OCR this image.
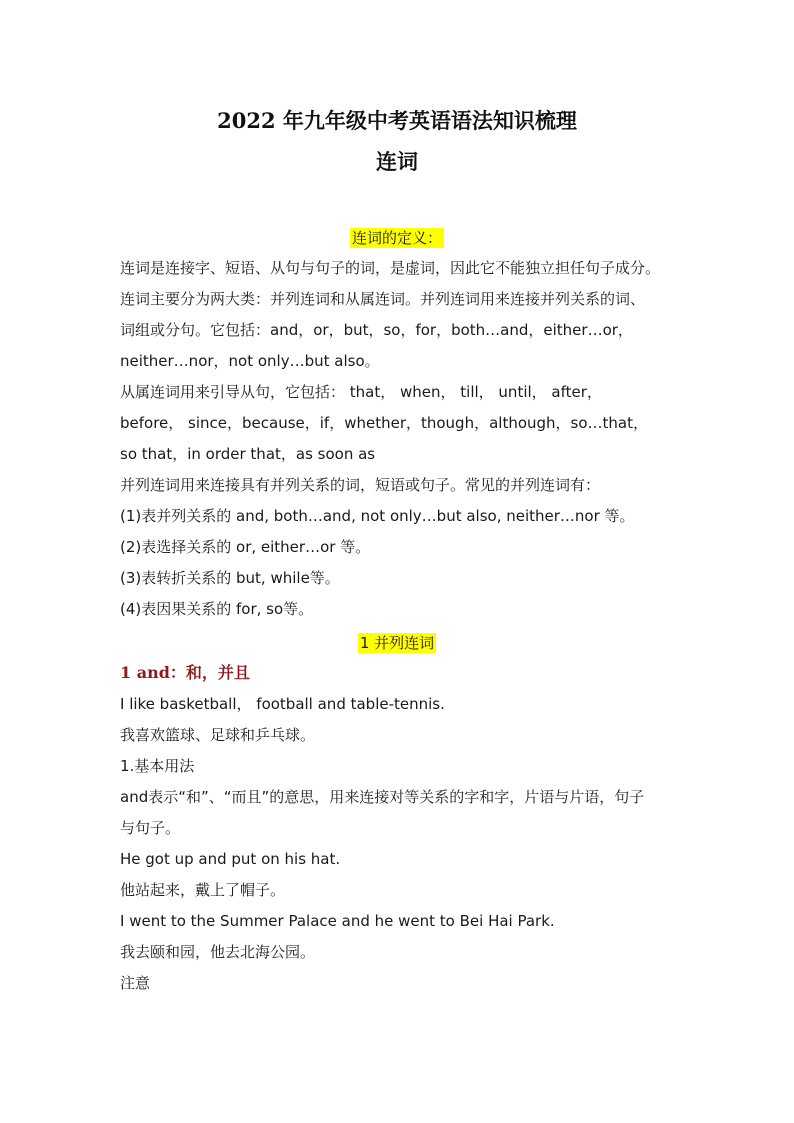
2022 年九年级中考英语语法知识梳理
连词
连词的定义：
连词是连接字、短语、从句与句子的词，是虚词，因此它不能独立担任句子成分。
连词主要分为两大类：并列连词和从属连词。并列连词用来连接并列关系的词、
词组或分句。它包括：and，or，but，so，for，both…and，either…or，
neither…nor，not only…but also。
从属连词用来引导从句，它包括： that， when， till， until， after，
before， since，because，if，whether，though，although，so…that，
so that，in order that，as soon as
并列连词用来连接具有并列关系的词，短语或句子。常见的并列连词有：
(1)表并列关系的 and, both…and, not only…but also, neither…nor 等。
(2)表选择关系的 or, either…or 等。
(3)表转折关系的 but, while等。
(4)表因果关系的 for, so等。
1 并列连词
1 and：和，并且
I like basketball， football and table-tennis.
我喜欢篮球、足球和乒乓球。
1.基本用法
and表示“和”、“而且”的意思，用来连接对等关系的字和字，片语与片语，句子
与句子。
He got up and put on his hat.
他站起来，戴上了帽子。
I went to the Summer Palace and he went to Bei Hai Park.
我去颐和园，他去北海公园。
注意
